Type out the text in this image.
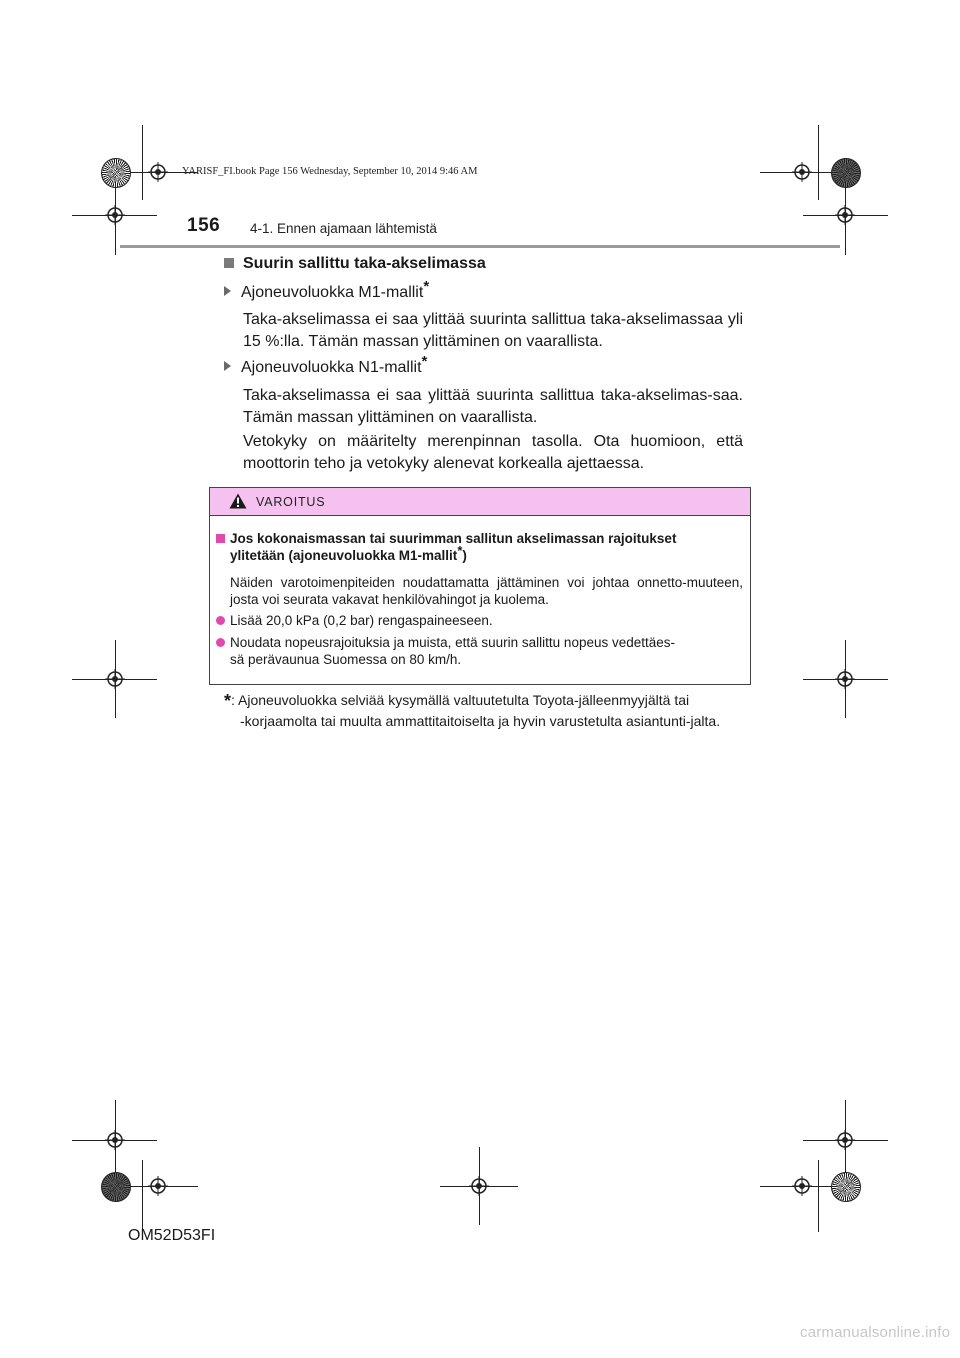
YARISF_FI.book Page 156 Wednesday, September 10, 2014 9:46 AM
156 4-1. Ennen ajamaan lähtemistä
Suurin sallittu taka-akselimassa
Ajoneuvoluokka M1-mallit*
Taka-akselimassa ei saa ylittää suurinta sallittua taka-akselimassaa yli 15 %:lla. Tämän massan ylittäminen on vaarallista.
Ajoneuvoluokka N1-mallit*
Taka-akselimassa ei saa ylittää suurinta sallittua taka-akselimas-saa. Tämän massan ylittäminen on vaarallista.
Vetokyky on määritelty merenpinnan tasolla. Ota huomioon, että moottorin teho ja vetokyky alenevat korkealla ajettaessa.
VAROITUS
Jos kokonaismassan tai suurimman sallitun akselimassan rajoitukset
ylitetään (ajoneuvoluokka M1-mallit*)
Näiden varotoimenpiteiden noudattamatta jättäminen voi johtaa onnetto-muuteen, josta voi seurata vakavat henkilövahingot ja kuolema.
Lisää 20,0 kPa (0,2 bar) rengaspaineeseen.
Noudata nopeusrajoituksia ja muista, että suurin sallittu nopeus vedettäes-
sä perävaunua Suomessa on 80 km/h.
*: Ajoneuvoluokka selviää kysymällä valtuutetulta Toyota-jälleenmyyjältä tai
-korjaamolta tai muulta ammattitaitoiselta ja hyvin varustetulta asiantunti-jalta.
OM52D53FI
carmanualsonline.info
